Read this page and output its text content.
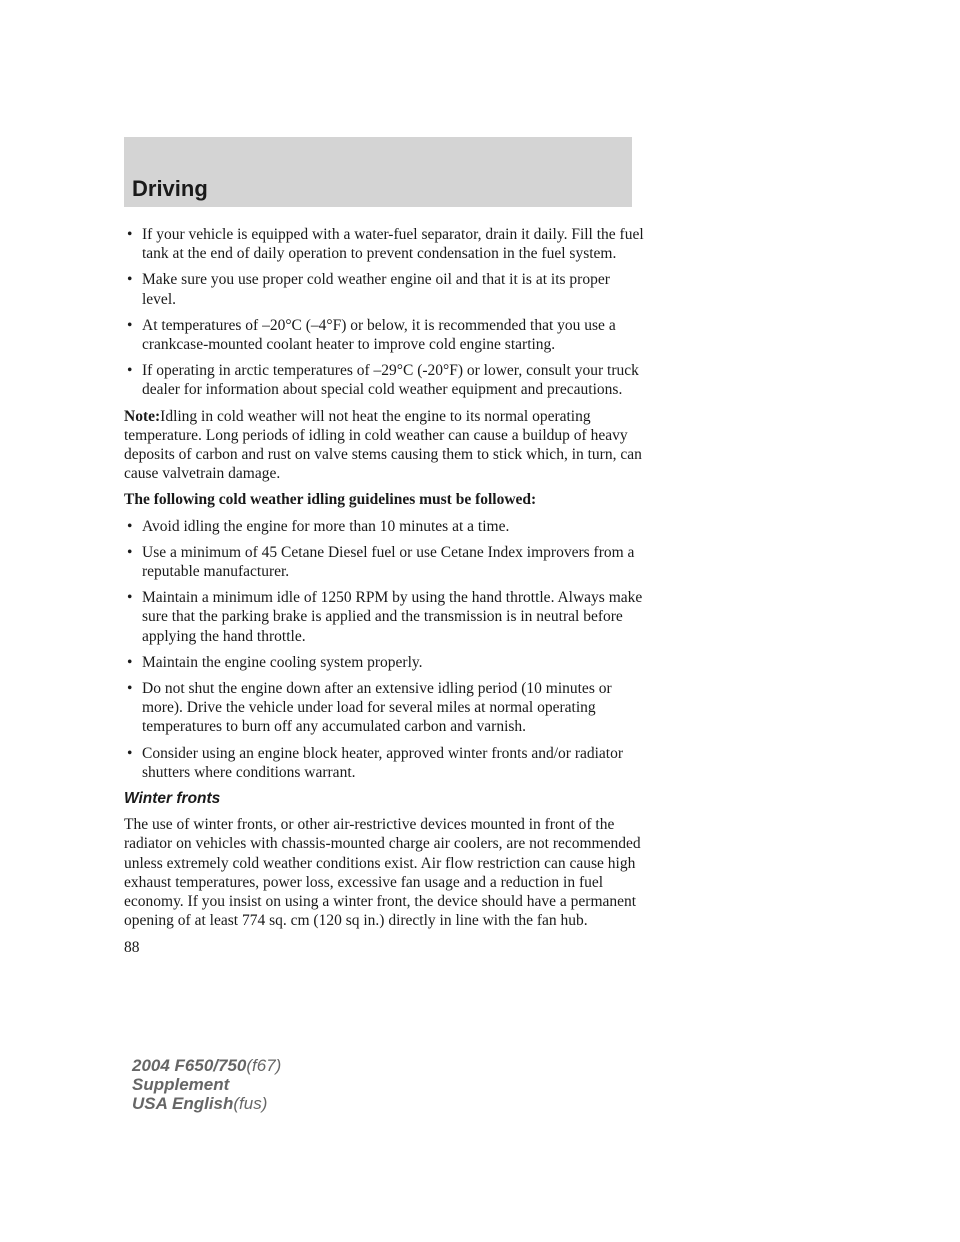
Driving
• If your vehicle is equipped with a water-fuel separator, drain it daily. Fill the fuel tank at the end of daily operation to prevent condensation in the fuel system.
• Make sure you use proper cold weather engine oil and that it is at its proper level.
• At temperatures of –20°C (–4°F) or below, it is recommended that you use a crankcase-mounted coolant heater to improve cold engine starting.
• If operating in arctic temperatures of –29°C (-20°F) or lower, consult your truck dealer for information about special cold weather equipment and precautions.

Note:Idling in cold weather will not heat the engine to its normal operating temperature. Long periods of idling in cold weather can cause a buildup of heavy deposits of carbon and rust on valve stems causing them to stick which, in turn, can cause valvetrain damage.

The following cold weather idling guidelines must be followed:

• Avoid idling the engine for more than 10 minutes at a time.
• Use a minimum of 45 Cetane Diesel fuel or use Cetane Index improvers from a reputable manufacturer.
• Maintain a minimum idle of 1250 RPM by using the hand throttle. Always make sure that the parking brake is applied and the transmission is in neutral before applying the hand throttle.
• Maintain the engine cooling system properly.
• Do not shut the engine down after an extensive idling period (10 minutes or more). Drive the vehicle under load for several miles at normal operating temperatures to burn off any accumulated carbon and varnish.
• Consider using an engine block heater, approved winter fronts and/or radiator shutters where conditions warrant.

Winter fronts

The use of winter fronts, or other air-restrictive devices mounted in front of the radiator on vehicles with chassis-mounted charge air coolers, are not recommended unless extremely cold weather conditions exist. Air flow restriction can cause high exhaust temperatures, power loss, excessive fan usage and a reduction in fuel economy. If you insist on using a winter front, the device should have a permanent opening of at least 774 sq. cm (120 sq in.) directly in line with the fan hub.

88

2004 F650/750(f67)
Supplement
USA English(fus)
